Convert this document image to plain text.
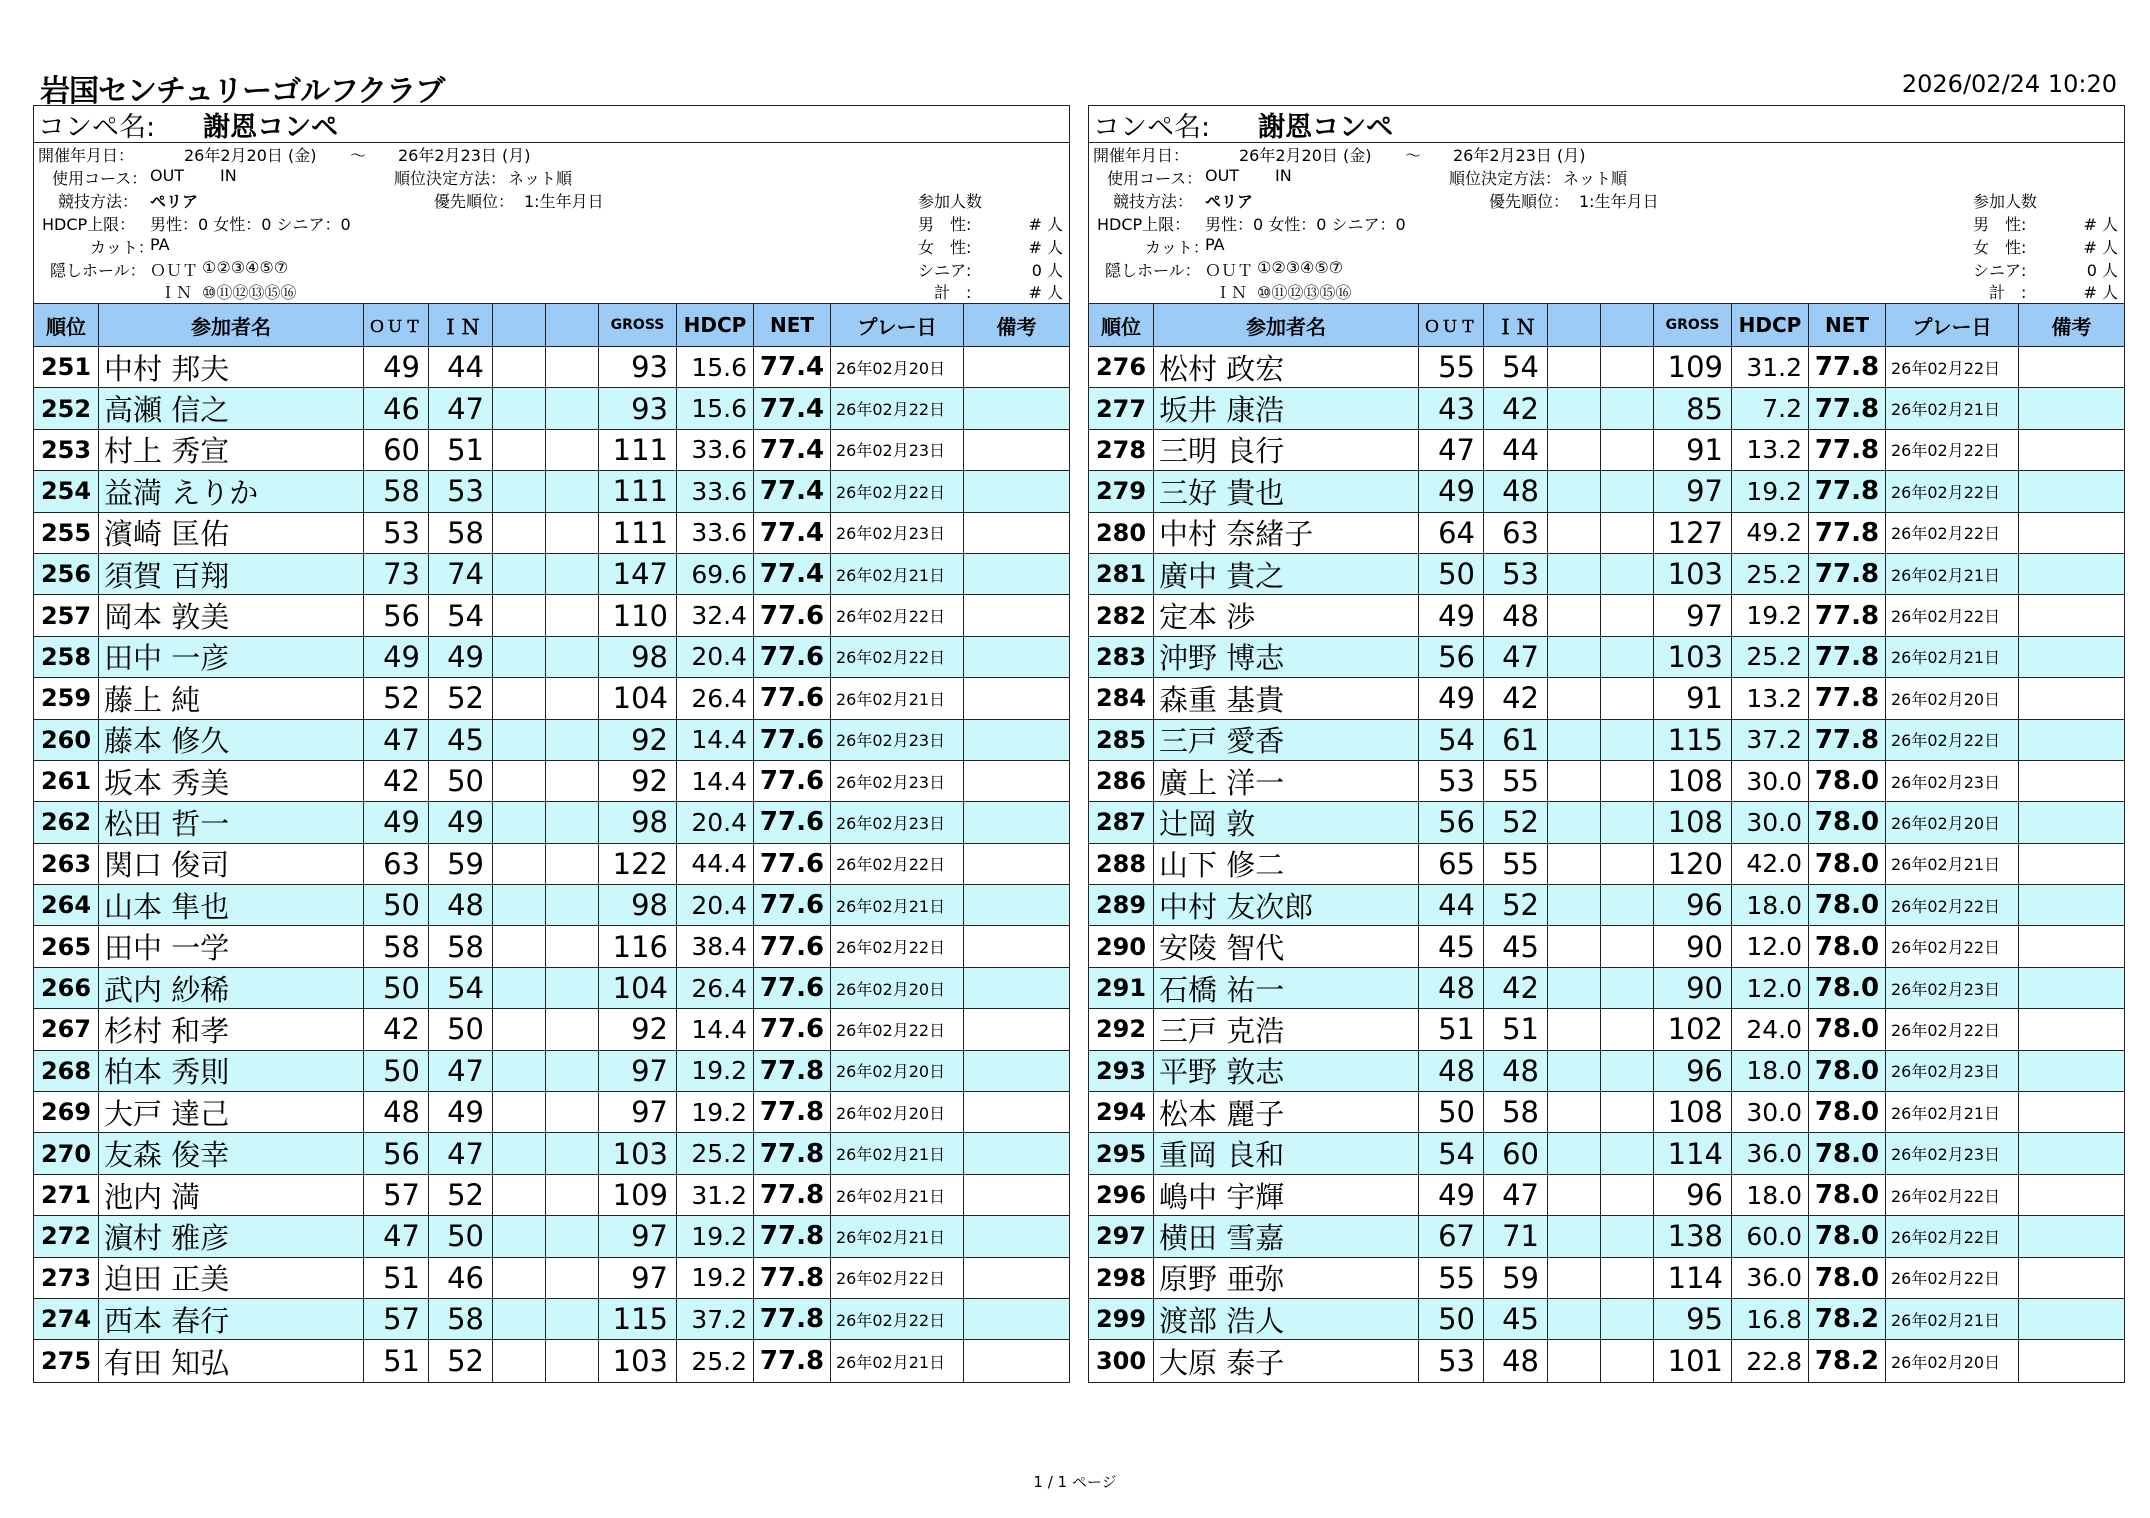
岩国センチュリーゴルフクラブ	2026/02/24 10:20
コンペ名: 謝恩コンペ
開催年月日：	26年2月20日 (金) ～ 26年2月23日 (月)
使用コース： OUT IN	順位決定方法： ネット順
競技方法： ペリア	優先順位： 1:生年月日	参加人数
HDCP上限： 男性：0 女性：0 シニア：0	男　性:	# 人
カット：
PA	女　性:	# 人
隠しホール： ＯＵＴ ①②③④⑤⑦	シニア:	0 人
ＩＮ ⑩⑪⑫⑬⑮⑯	計　:	# 人
順位	参加者名	ＯＵＴ ＩＮ	GROSS HDCP	NET	プレー日	備考
251 中村 邦夫	49 44	93 15.6 77.4 26年02月20日
252 高瀬 信之	46 47	93 15.6 77.4 26年02月22日
253 村上 秀宣	60 51	111 33.6 77.4 26年02月23日
254 益満 えりか	58 53	111 33.6 77.4 26年02月22日
255 濱崎 匡佑	53 58	111 33.6 77.4 26年02月23日
256 須賀 百翔	73 74	147 69.6 77.4 26年02月21日
257 岡本 敦美	56 54	110 32.4 77.6 26年02月22日
258 田中 一彦	49 49	98 20.4 77.6 26年02月22日
259 藤上 純	52 52	104 26.4 77.6 26年02月21日
260 藤本 修久	47 45	92 14.4 77.6 26年02月23日
261 坂本 秀美	42 50	92 14.4 77.6 26年02月23日
262 松田 哲一	49 49	98 20.4 77.6 26年02月23日
263 関口 俊司	63 59	122 44.4 77.6 26年02月22日
264 山本 隼也	50 48	98 20.4 77.6 26年02月21日
265 田中 一学	58 58	116 38.4 77.6 26年02月22日
266 武内 紗稀	50 54	104 26.4 77.6 26年02月20日
267 杉村 和孝	42 50	92 14.4 77.6 26年02月22日
268 柏本 秀則	50 47	97 19.2 77.8 26年02月20日
269 大戸 達己	48 49	97 19.2 77.8 26年02月20日
270 友森 俊幸	56 47	103 25.2 77.8 26年02月21日
271 池内 満	57 52	109 31.2 77.8 26年02月21日
272 濵村 雅彦	47 50	97 19.2 77.8 26年02月21日
273 迫田 正美	51 46	97 19.2 77.8 26年02月22日
274 西本 春行	57 58	115 37.2 77.8 26年02月22日
275 有田 知弘	51 52	103 25.2 77.8 26年02月21日
コンペ名: 謝恩コンペ
開催年月日：	26年2月20日 (金) ～ 26年2月23日 (月)
使用コース： OUT IN	順位決定方法： ネット順
競技方法： ペリア	優先順位： 1:生年月日	参加人数
HDCP上限： 男性：0 女性：0 シニア：0	男　性:	# 人
カット：
PA	女　性:	# 人
隠しホール： ＯＵＴ ①②③④⑤⑦	シニア:	0 人
ＩＮ ⑩⑪⑫⑬⑮⑯	計　:	# 人
順位	参加者名	ＯＵＴ ＩＮ	GROSS HDCP	NET	プレー日	備考
276 松村 政宏	55 54	109 31.2 77.8 26年02月22日
277 坂井 康浩	43 42	85	7.2 77.8 26年02月21日
278 三明 良行	47 44	91 13.2 77.8 26年02月22日
279 三好 貴也	49 48	97 19.2 77.8 26年02月22日
280 中村 奈緒子	64 63	127 49.2 77.8 26年02月22日
281 廣中 貴之	50 53	103 25.2 77.8 26年02月21日
282 定本 渉	49 48	97 19.2 77.8 26年02月22日
283 沖野 博志	56 47	103 25.2 77.8 26年02月21日
284 森重 基貴	49 42	91 13.2 77.8 26年02月20日
285 三戸 愛香	54 61	115 37.2 77.8 26年02月22日
286 廣上 洋一	53 55	108 30.0 78.0 26年02月23日
287 辻岡 敦	56 52	108 30.0 78.0 26年02月20日
288 山下 修二	65 55	120 42.0 78.0 26年02月21日
289 中村 友次郎	44 52	96 18.0 78.0 26年02月22日
290 安陵 智代	45 45	90 12.0 78.0 26年02月22日
291 石橋 祐一	48 42	90 12.0 78.0 26年02月23日
292 三戸 克浩	51 51	102 24.0 78.0 26年02月22日
293 平野 敦志	48 48	96 18.0 78.0 26年02月23日
294 松本 麗子	50 58	108 30.0 78.0 26年02月21日
295 重岡 良和	54 60	114 36.0 78.0 26年02月23日
296 嶋中 宇輝	49 47	96 18.0 78.0 26年02月22日
297 横田 雪嘉	67 71	138 60.0 78.0 26年02月22日
298 原野 亜弥	55 59	114 36.0 78.0 26年02月22日
299 渡部 浩人	50 45	95 16.8 78.2 26年02月21日
300 大原 泰子	53 48	101 22.8 78.2 26年02月20日
1 / 1 ページ
